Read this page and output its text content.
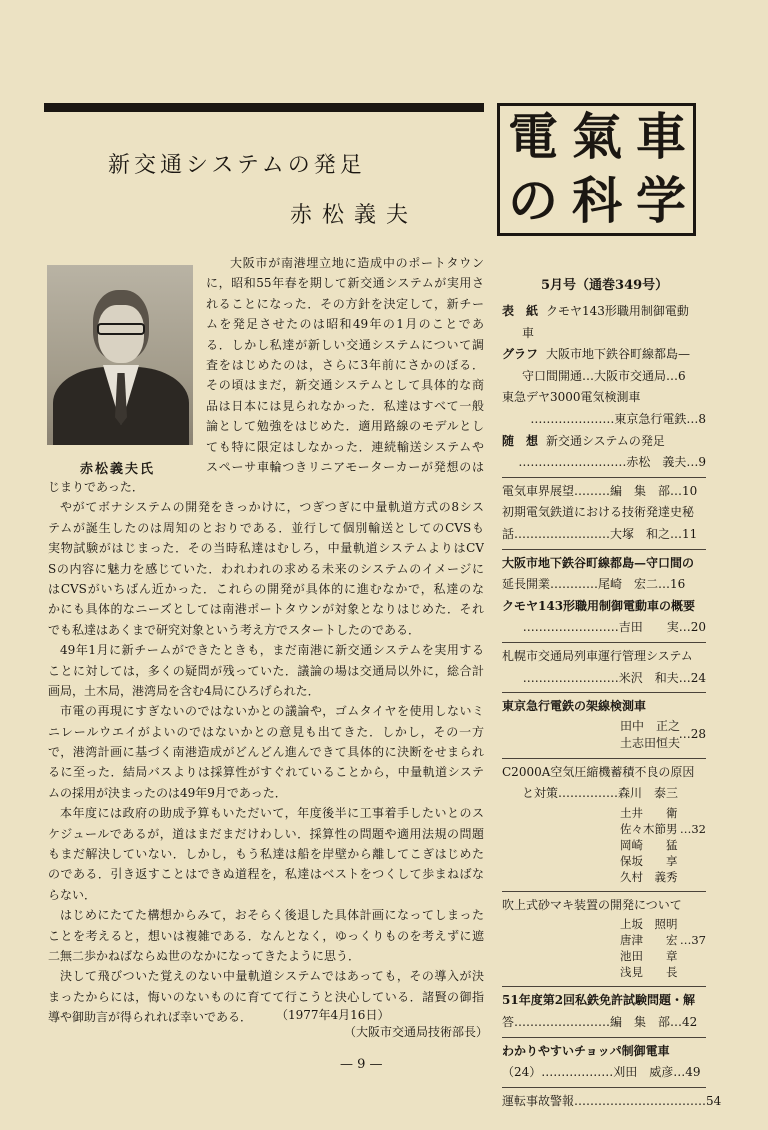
新交通システムの発足
赤松義夫
赤松義夫氏
大阪市が南港埋立地に造成中のポートタウン
に，昭和55年春を期して新交通システムが実用さ
れることになった．その方針を決定して，新チー
ムを発足させたのは昭和49年の1月のことであ
る．しかし私達が新しい交通システムについて調
査をはじめたのは，さらに3年前にさかのぼる．
その頃はまだ，新交通システムとして具体的な商
品は日本には見られなかった．私達はすべて一般
論として勉強をはじめた．適用路線のモデルとし
ても特に限定はしなかった．連続輸送システムや
スペーサ車輪つきリニアモーターカーが発想のは
じまりであった．
やがてボナシステムの開発をきっかけに，つぎつぎに中量軌道方式の8シス
テムが誕生したのは周知のとおりである．並行して個別輸送としてのCVSも
実物試験がはじまった．その当時私達はむしろ，中量軌道システムよりはCV
Sの内容に魅力を感じていた．われわれの求める未来のシステムのイメージに
はCVSがいちばん近かった．これらの開発が具体的に進むなかで，私達のな
かにも具体的なニーズとしては南港ポートタウンが対象となりはじめた．それ
でも私達はあくまで研究対象という考え方でスタートしたのである．
49年1月に新チームができたときも，まだ南港に新交通システムを実用する
ことに対しては，多くの疑問が残っていた．議論の場は交通局以外に，総合計
画局，土木局，港湾局を含む4局にひろげられた．
市電の再現にすぎないのではないかとの議論や，ゴムタイヤを使用しないミ
ニレールウエイがよいのではないかとの意見も出てきた．しかし，その一方
で，港湾計画に基づく南港造成がどんどん進んできて具体的に決断をせまられ
るに至った．結局バスよりは採算性がすぐれていることから，中量軌道システ
ムの採用が決まったのは49年9月であった．
本年度には政府の助成予算もいただいて，年度後半に工事着手したいとのス
ケジュールであるが，道はまだまだけわしい．採算性の問題や適用法規の問題
もまだ解決していない．しかし，もう私達は船を岸壁から離してこぎはじめた
のである．引き返すことはできぬ道程を，私達はベストをつくして歩まねばな
らない．
はじめにたてた構想からみて，おそらく後退した具体計画になってしまった
ことを考えると，想いは複雑である．なんとなく，ゆっくりものを考えずに遮
二無二歩かねばならぬ世のなかになってきたように思う．
決して飛びついた覚えのない中量軌道システムではあっても，その導入が決
まったからには，悔いのないものに育てて行こうと決心している．諸賢の御指
導や御助言が得られれば幸いである．	（1977年4月16日）
（大阪市交通局技術部長）
— 9 —
電 氣 車
の 科 学
5月号（通巻349号）
表　紙 クモヤ143形職用制御電動
車
グラフ 大阪市地下鉄谷町線都島—
守口間開通…大阪市交通局…6
東急デヤ3000電気検測車
…………………東京急行電鉄…8
随　想 新交通システムの発足
………………………赤松　義夫…9
電気車界展望………編　集　部…10
初期電気鉄道における技術発達史秘
話……………………大塚　和之…11
大阪市地下鉄谷町線都島—守口間の
延長開業…………尾崎　宏二…16
クモヤ143形職用制御電動車の概要
……………………吉田　　実…20
札幌市交通局列車運行管理システム
……………………米沢　和夫…24
東京急行電鉄の架線検測車
田中　正之
土志田恒夫
…28
C2000A空気圧縮機蓄積不良の原因
と対策……………森川　泰三
土井　　衛
佐々木節男 …32
岡崎　　猛
保坂　　享
久村　義秀
吹上式砂マキ装置の開発について
上坂　照明
唐津　　宏 …37
池田　　章
浅見　　長
51年度第2回私鉄免許試験問題・解
答……………………編　集　部…42
わかりやすいチョッパ制御電車
（24）………………刈田　威彦…49
運転事故警報……………………………54
